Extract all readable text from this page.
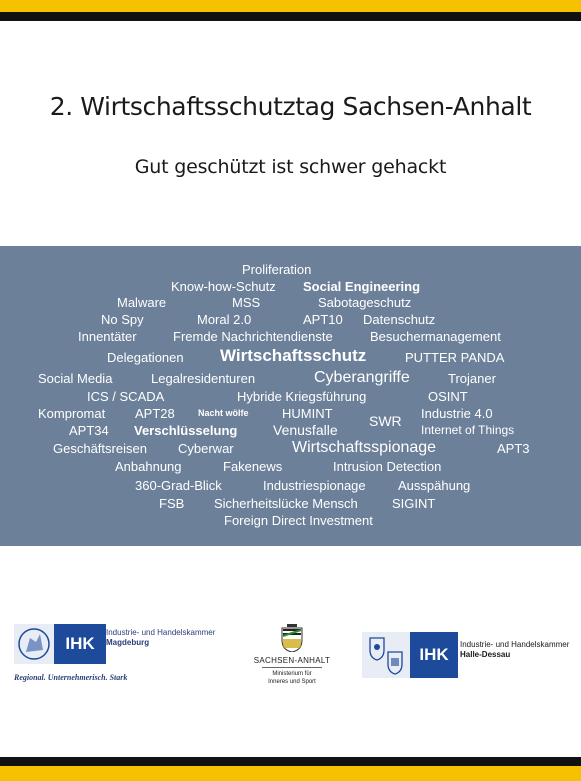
2. Wirtschaftsschutztag Sachsen-Anhalt
Gut geschützt ist schwer gehackt
Proliferation
Know-how-Schutz Social Engineering
Malware	MSS	Sabotageschutz
No Spy	Moral 2.0	APT10 Datenschutz
Innentäter	Fremde Nachrichtendienste	Besuchermanagement
Delegationen Wirtschaftsschutz	PUTTER PANDA
Social Media	Legalresidenturen	Cyberangriffe	Trojaner
ICS / SCADA	Hybride Kriegsführung	OSINT
Kompromat APT28	Nacht wölfe	HUMINT	SWR Industrie 4.0
APT34 Verschlüsselung	Venusfalle	Internet of Things
Geschäftsreisen Cyberwar	Wirtschaftsspionage	APT3
Anbahnung	Fakenews	Intrusion Detection
360-Grad-Blick	Industriespionage Ausspähung
FSB Sicherheitslücke Mensch	SIGINT
Foreign Direct Investment
IHK
Industrie- und Handelskammer
Magdeburg
Regional. Unternehmerisch. Stark
SACHSEN-ANHALT
Ministerium für
Inneres und Sport
IHK
Industrie- und Handelskammer
Halle-Dessau
